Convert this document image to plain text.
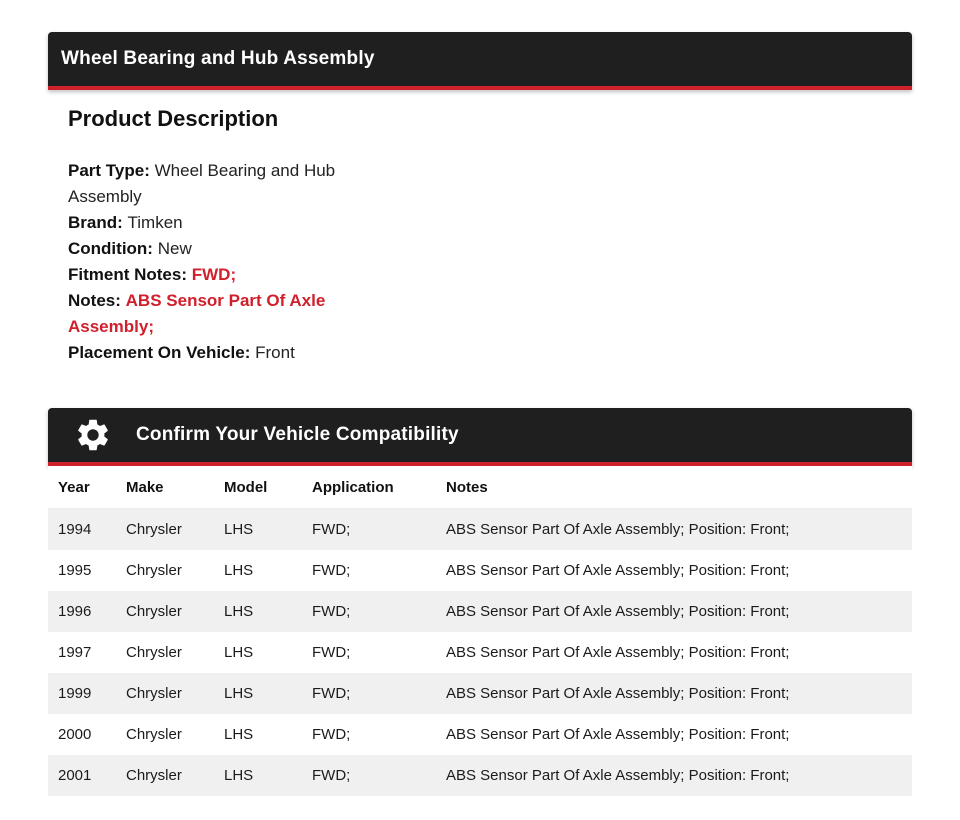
Wheel Bearing and Hub Assembly
Product Description

Part Type: Wheel Bearing and Hub Assembly

Brand: Timken

Condition: New

Fitment Notes: FWD;

Notes: ABS Sensor Part Of Axle Assembly;

Placement On Vehicle: Front

Confirm Your Vehicle Compatibility
Year	Make	Model	Application	Notes
1994	Chrysler	LHS	FWD;	ABS Sensor Part Of Axle Assembly; Position: Front;
1995	Chrysler	LHS	FWD;	ABS Sensor Part Of Axle Assembly; Position: Front;
1996	Chrysler	LHS	FWD;	ABS Sensor Part Of Axle Assembly; Position: Front;
1997	Chrysler	LHS	FWD;	ABS Sensor Part Of Axle Assembly; Position: Front;
1999	Chrysler	LHS	FWD;	ABS Sensor Part Of Axle Assembly; Position: Front;
2000	Chrysler	LHS	FWD;	ABS Sensor Part Of Axle Assembly; Position: Front;
2001	Chrysler	LHS	FWD;	ABS Sensor Part Of Axle Assembly; Position: Front;
